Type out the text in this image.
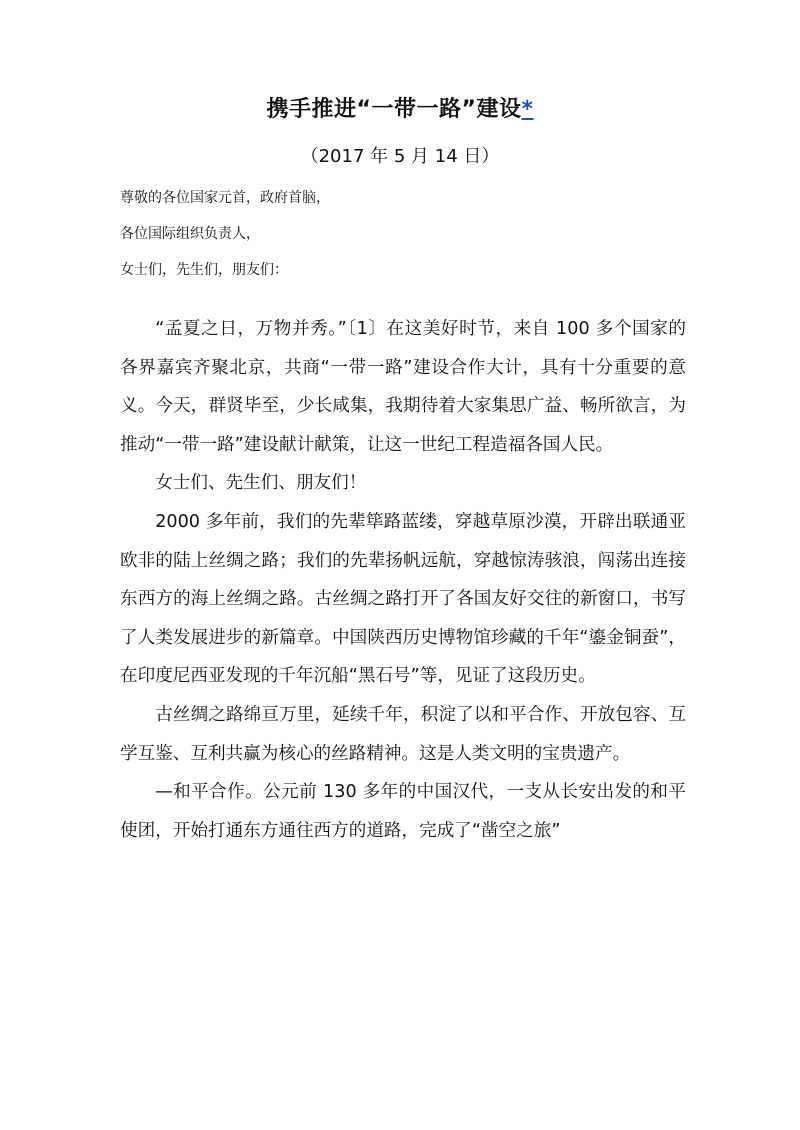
携手推进“一带一路”建设*
（2017 年 5 月 14 日）
尊敬的各位国家元首，政府首脑，
各位国际组织负责人，
女士们，先生们，朋友们：

“孟夏之日，万物并秀。”〔1〕在这美好时节，来自 100 多个国家的各界嘉宾齐聚北京，共商“一带一路”建设合作大计，具有十分重要的意义。今天，群贤毕至，少长咸集，我期待着大家集思广益、畅所欲言，为推动“一带一路”建设献计献策，让这一世纪工程造福各国人民。

女士们、先生们、朋友们！

2000 多年前，我们的先辈筚路蓝缕，穿越草原沙漠，开辟出联通亚欧非的陆上丝绸之路；我们的先辈扬帆远航，穿越惊涛骇浪，闯荡出连接东西方的海上丝绸之路。古丝绸之路打开了各国友好交往的新窗口，书写了人类发展进步的新篇章。中国陕西历史博物馆珍藏的千年“鎏金铜蚕”，在印度尼西亚发现的千年沉船“黑石号”等，见证了这段历史。

古丝绸之路绵亘万里，延续千年，积淀了以和平合作、开放包容、互学互鉴、互利共赢为核心的丝路精神。这是人类文明的宝贵遗产。

—和平合作。公元前 130 多年的中国汉代，一支从长安出发的和平使团，开始打通东方通往西方的道路，完成了“凿空之旅”
